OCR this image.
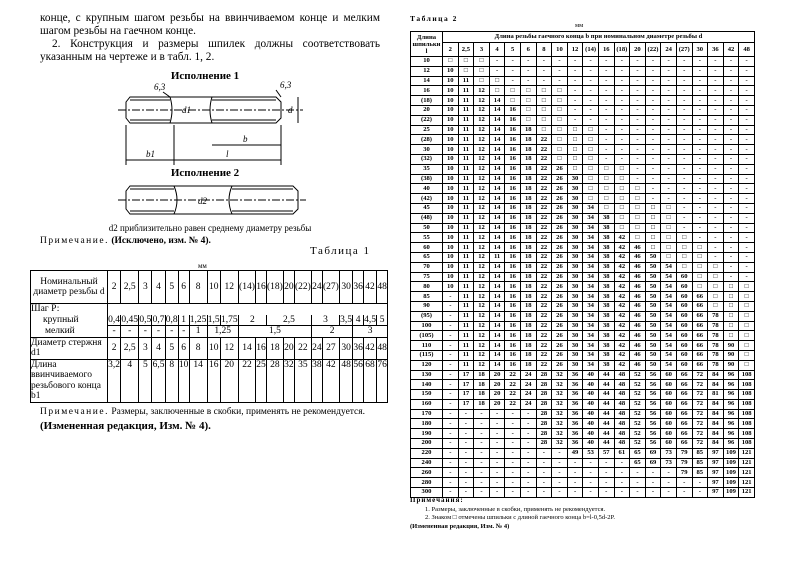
конце, с крупным шагом резьбы на ввинчиваемом конце и мелким шагом резьбы на гаечном конце.
2. Конструкция и размеры шпилек должны соответствовать указанным на чертеже и в табл. 1, 2.
Исполнение 1
6,3	6,3
d1	d
b
b1	l
Исполнение 2
d2
d2 приблизительно равен среднему диаметру резьбы
Примечание. (Исключено, изм. № 4).
Таблица 1
мм
Номинальный диаметр резьбы d	2	2,5	3	4	5	6	8	10	12	(14)	16	(18)	20	(22)	24	(27)	30	36	42	48
Шаг Р:																				
крупный	0,4	0,45	0,5	0,7	0,8	1	1,25	1,5	1,75	2		2,5			3		3,5	4	4,5	5
мелкий	-	-	-	-	-	-	1	1,25		1,5					2			3		
Диаметр стержня d1	2	2,5	3	4	5	6	8	10	12	14	16	18	20	22	24	27	30	36	42	48
Длина ввинчиваемого резьбового конца b1	3,2	4	5	6,5	8	10	14	16	20	22	25	28	32	35	38	42	48	56	68	76
Примечание. Размеры, заключенные в скобки, применять не рекомендуется.
(Измененная редакция, Изм. № 4).
Таблица 2
мм
Длина шпильки l	Длина резьбы гаечного конца b при номинальном диаметре резьбы d																			
	2	2,5	3	4	5	6	8	10	12	(14)	16	(18)	20	(22)	24	(27)	30	36	42	48
10	□	□	□	-	-	-	-	-	-	-	-	-	-	-	-	-	-	-	-	-
12	10	□	□	-	-	-	-	-	-	-	-	-	-	-	-	-	-	-	-	-
14	10	11	□	□	-	-	-	-	-	-	-	-	-	-	-	-	-	-	-	-
16	10	11	12	□	□	□	□	□	-	-	-	-	-	-	-	-	-	-	-	-
(18)	10	11	12	14	□	□	□	□	-	-	-	-	-	-	-	-	-	-	-	-
20	10	11	12	14	16	□	□	□	-	-	-	-	-	-	-	-	-	-	-	-
(22)	10	11	12	14	16	□	□	□	-	-	-	-	-	-	-	-	-	-	-	-
25	10	11	12	14	16	18	□	□	□	□	-	-	-	-	-	-	-	-	-	-
(28)	10	11	12	14	16	18	22	□	□	□	-	-	-	-	-	-	-	-	-	-
30	10	11	12	14	16	18	22	□	□	□	-	-	-	-	-	-	-	-	-	-
(32)	10	11	12	14	16	18	22	□	□	□	-	-	-	-	-	-	-	-	-	-
35	10	11	12	14	16	18	22	26	□	□	□	□	-	-	-	-	-	-	-	-
(38)	10	11	12	14	16	18	22	26	30	□	□	□	-	-	-	-	-	-	-	-
40	10	11	12	14	16	18	22	26	30	□	□	□	□	-	-	-	-	-	-	-
(42)	10	11	12	14	16	18	22	26	30	□	□	□	□	-	-	-	-	-	-	-
45	10	11	12	14	16	18	22	26	30	34	□	□	□	□	□	-	-	-	-	-
(48)	10	11	12	14	16	18	22	26	30	34	38	□	□	□	□	-	-	-	-	-
50	10	11	12	14	16	18	22	26	30	34	38	□	□	□	□	-	-	-	-	-
55	10	11	12	14	16	18	22	26	30	34	38	42	□	□	□	□	-	-	-	-
60	10	11	12	14	16	18	22	26	30	34	38	42	46	□	□	□	□	-	-	-
65	10	11	12	11	16	18	22	26	30	34	38	42	46	50	□	□	□	-	-	-
70	10	11	12	14	16	18	22	26	30	34	38	42	46	50	54	□	□	□	-	-
75	10	11	12	14	16	18	22	26	30	34	38	42	46	50	54	60	□	□	-	-
80	10	11	12	14	16	18	22	26	30	34	38	42	46	50	54	60	□	□	□	□
85	-	11	12	14	16	18	22	26	30	34	38	42	46	50	54	60	66	□	□	□
90	-	11	12	14	16	18	22	26	30	34	38	42	46	50	54	60	66	□	□	□
(95)	-	11	12	14	16	18	22	26	30	34	38	42	46	50	54	60	66	78	□	□
100	-	11	12	14	16	18	22	26	30	34	38	42	46	50	54	60	66	78	□	□
(105)	-	11	12	14	16	18	22	26	30	34	38	42	46	50	54	60	66	78	□	□
110	-	11	12	14	16	18	22	26	30	34	38	42	46	50	54	60	66	78	90	□
(115)	-	11	12	14	16	18	22	26	30	34	38	42	46	50	54	60	66	78	90	□
120	-	11	12	14	16	18	22	26	30	34	38	42	46	50	54	60	66	78	90	□
130	-	17	18	20	22	24	28	32	36	40	44	48	52	56	60	66	72	84	96	108
140	-	17	18	20	22	24	28	32	36	40	44	48	52	56	60	66	72	84	96	108
150	-	17	18	20	22	24	28	32	36	40	44	48	52	56	60	66	72	81	96	108
160	-	17	18	20	22	24	28	32	36	40	44	48	52	56	60	66	72	84	96	108
170	-	-	-	-	-	-	28	32	36	40	44	48	52	56	60	66	72	84	96	108
180	-	-	-	-	-	-	28	32	36	40	44	48	52	56	60	66	72	84	96	108
190	-	-	-	-	-	-	28	32	36	40	44	48	52	56	60	66	72	84	96	108
200	-	-	-	-	-	-	28	32	36	40	44	48	52	56	60	66	72	84	96	108
220	-	-	-	-	-	-	-	-	49	53	57	61	65	69	73	79	85	97	109	121
240	-	-	-	-	-	-	-	-	-	-	-	-	65	69	73	79	85	97	109	121
260	-	-	-	-	-	-	-	-	-	-	-	-	-	-	-	79	85	97	109	121
280	-	-	-	-	-	-	-	-	-	-	-	-	-	-	-	-	-	97	109	121
300	-	-	-	-	-	-	-	-	-	-	-	-	-	-	-	-	-	97	109	121
Примечания:
1. Размеры, заключенные в скобки, применять не рекомендуется.
2. Знаком □ отмечены шпильки с длиной гаечного конца b=l-0,5d-2P.
(Измененная редакция, Изм. № 4)
